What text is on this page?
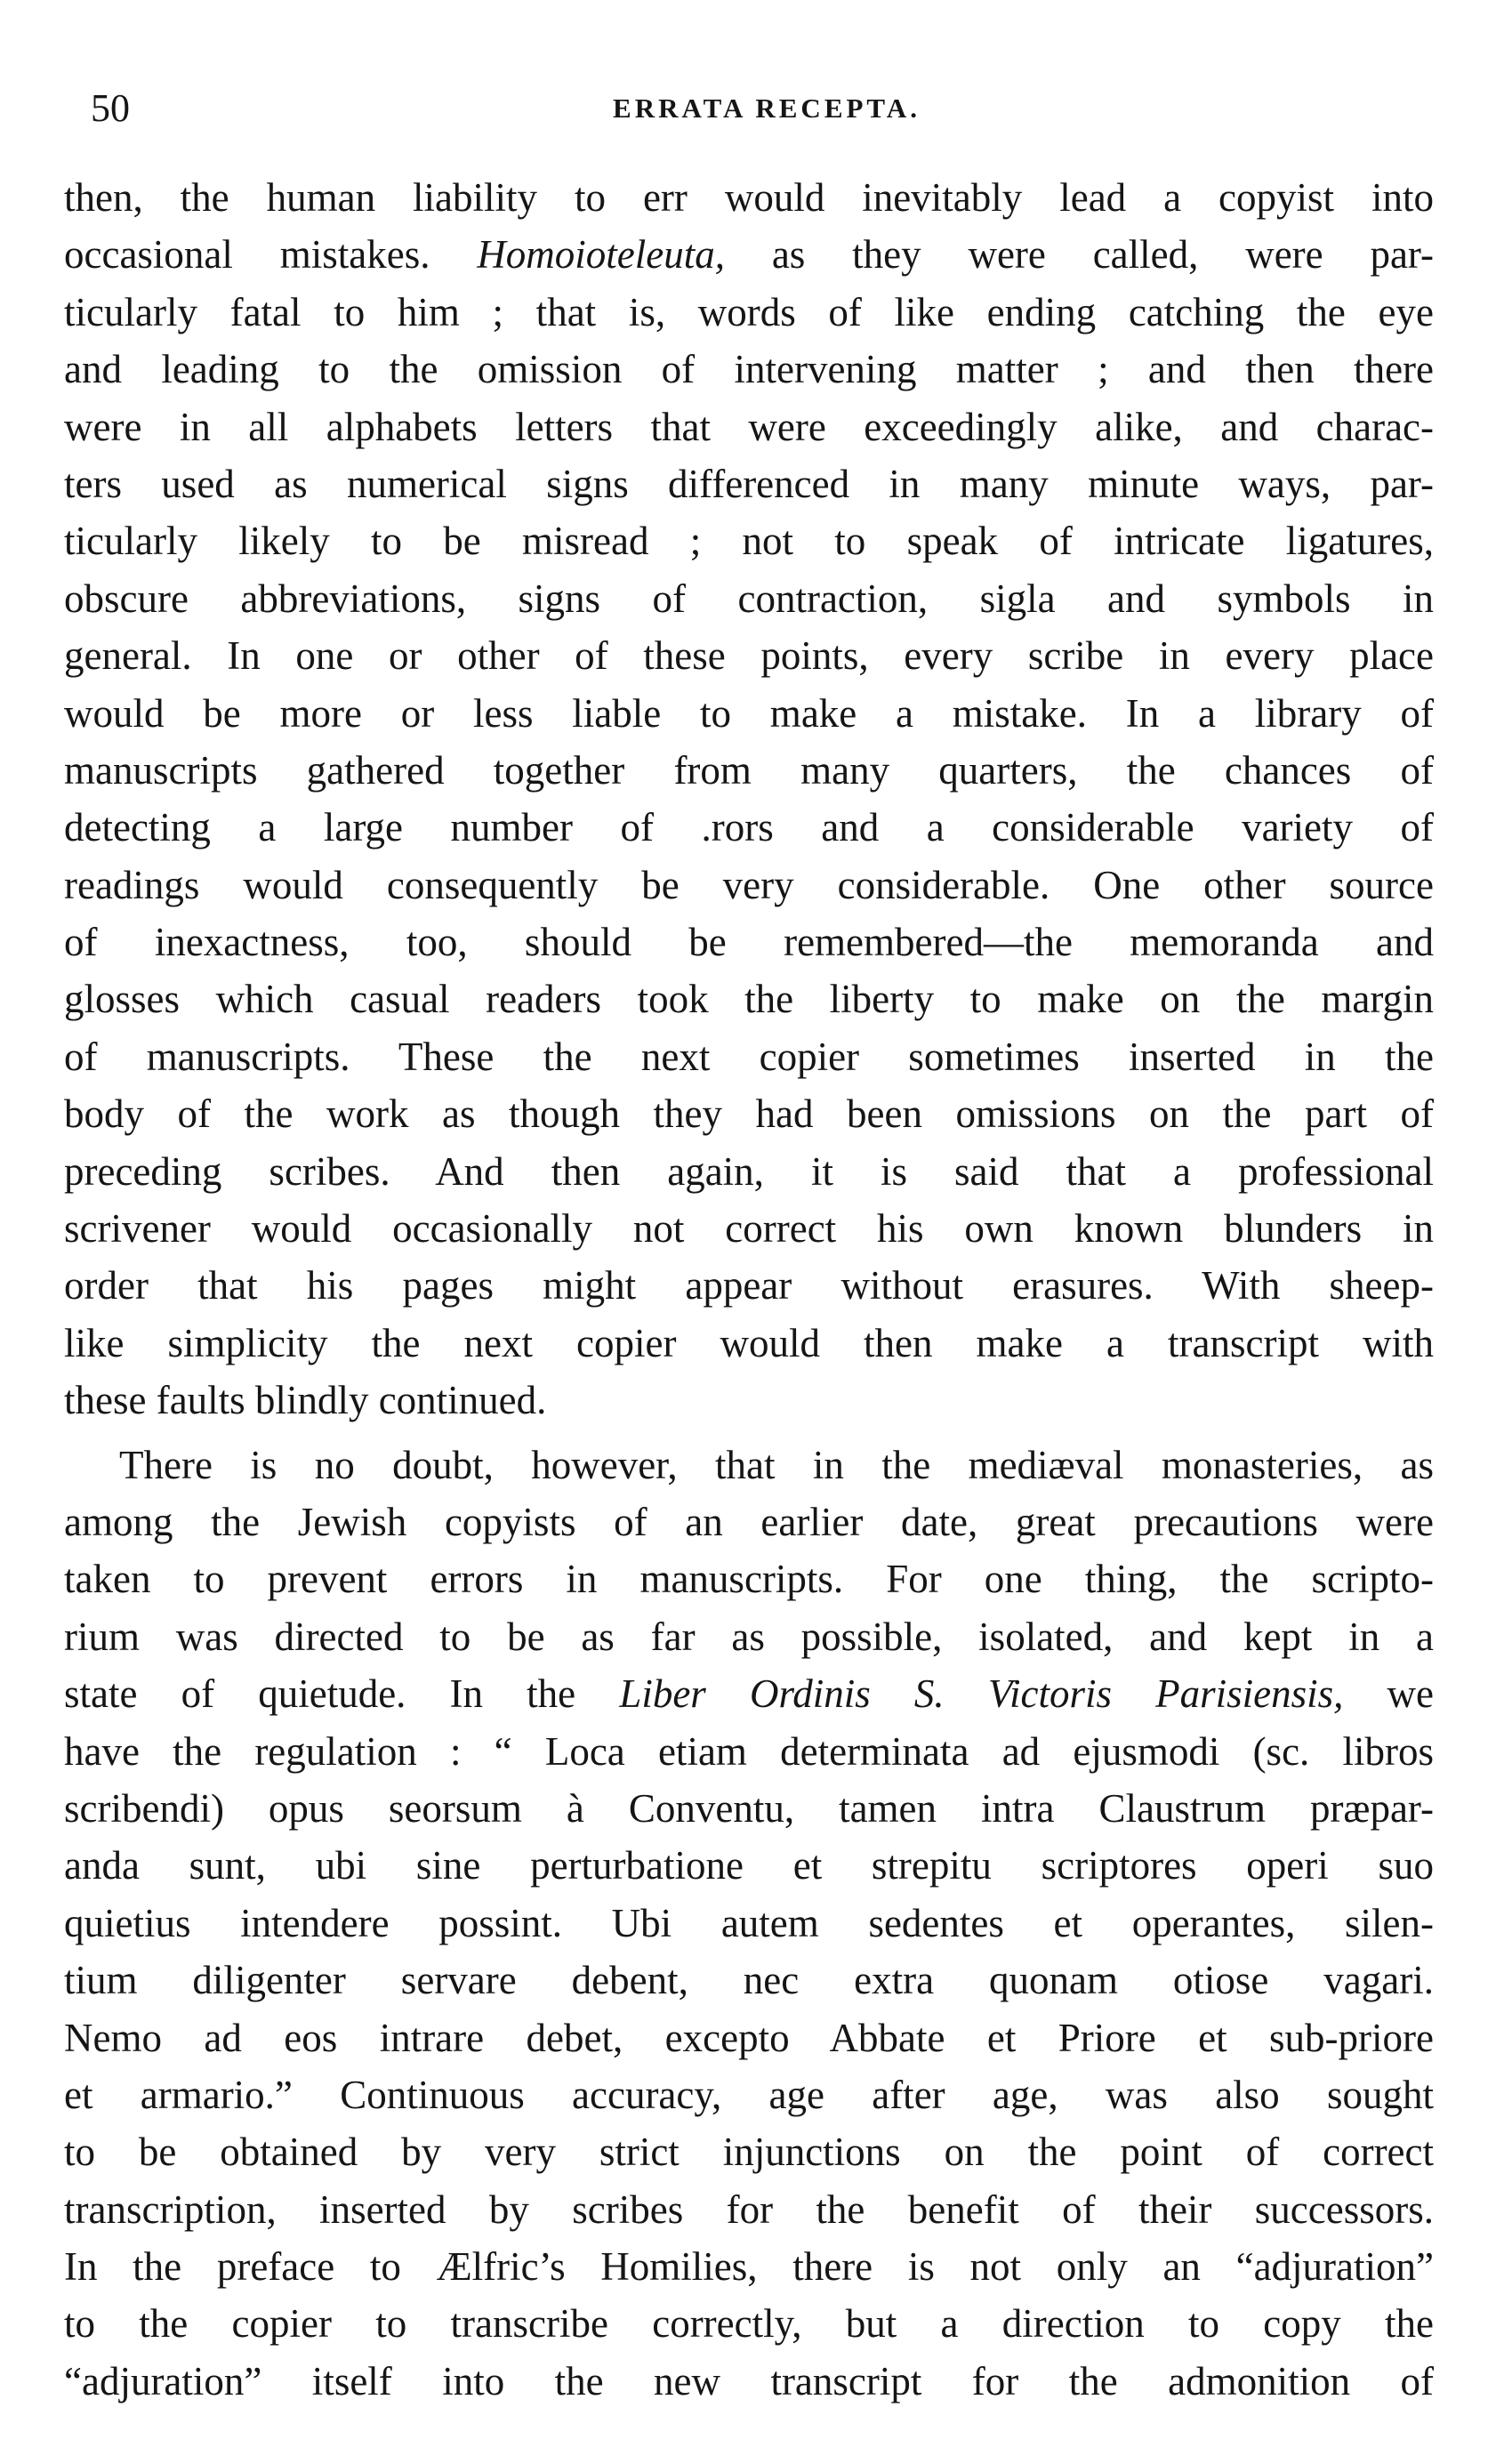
50	ERRATA RECEPTA.
then, the human liability to err would inevitably lead a copyist into
occasional mistakes. Homoioteleuta, as they were called, were par-
ticularly fatal to him ; that is, words of like ending catching the eye
and leading to the omission of intervening matter ; and then there
were in all alphabets letters that were exceedingly alike, and charac-
ters used as numerical signs differenced in many minute ways, par-
ticularly likely to be misread ; not to speak of intricate ligatures,
obscure abbreviations, signs of contraction, sigla and symbols in
general. In one or other of these points, every scribe in every place
would be more or less liable to make a mistake. In a library of
manuscripts gathered together from many quarters, the chances of
detecting a large number of .rors and a considerable variety of
readings would consequently be very considerable. One other source
of inexactness, too, should be remembered—the memoranda and
glosses which casual readers took the liberty to make on the margin
of manuscripts. These the next copier sometimes inserted in the
body of the work as though they had been omissions on the part of
preceding scribes. And then again, it is said that a professional
scrivener would occasionally not correct his own known blunders in
order that his pages might appear without erasures. With sheep-
like simplicity the next copier would then make a transcript with
these faults blindly continued.
There is no doubt, however, that in the mediæval monasteries, as
among the Jewish copyists of an earlier date, great precautions were
taken to prevent errors in manuscripts. For one thing, the scripto-
rium was directed to be as far as possible, isolated, and kept in a
state of quietude. In the Liber Ordinis S. Victoris Parisiensis, we
have the regulation : “ Loca etiam determinata ad ejusmodi (sc. libros
scribendi) opus seorsum à Conventu, tamen intra Claustrum præpar-
anda sunt, ubi sine perturbatione et strepitu scriptores operi suo
quietius intendere possint. Ubi autem sedentes et operantes, silen-
tium diligenter servare debent, nec extra quonam otiose vagari.
Nemo ad eos intrare debet, excepto Abbate et Priore et sub-priore
et armario.” Continuous accuracy, age after age, was also sought
to be obtained by very strict injunctions on the point of correct
transcription, inserted by scribes for the benefit of their successors.
In the preface to Ælfric’s Homilies, there is not only an “adjuration”
to the copier to transcribe correctly, but a direction to copy the
“adjuration” itself into the new transcript for the admonition of
